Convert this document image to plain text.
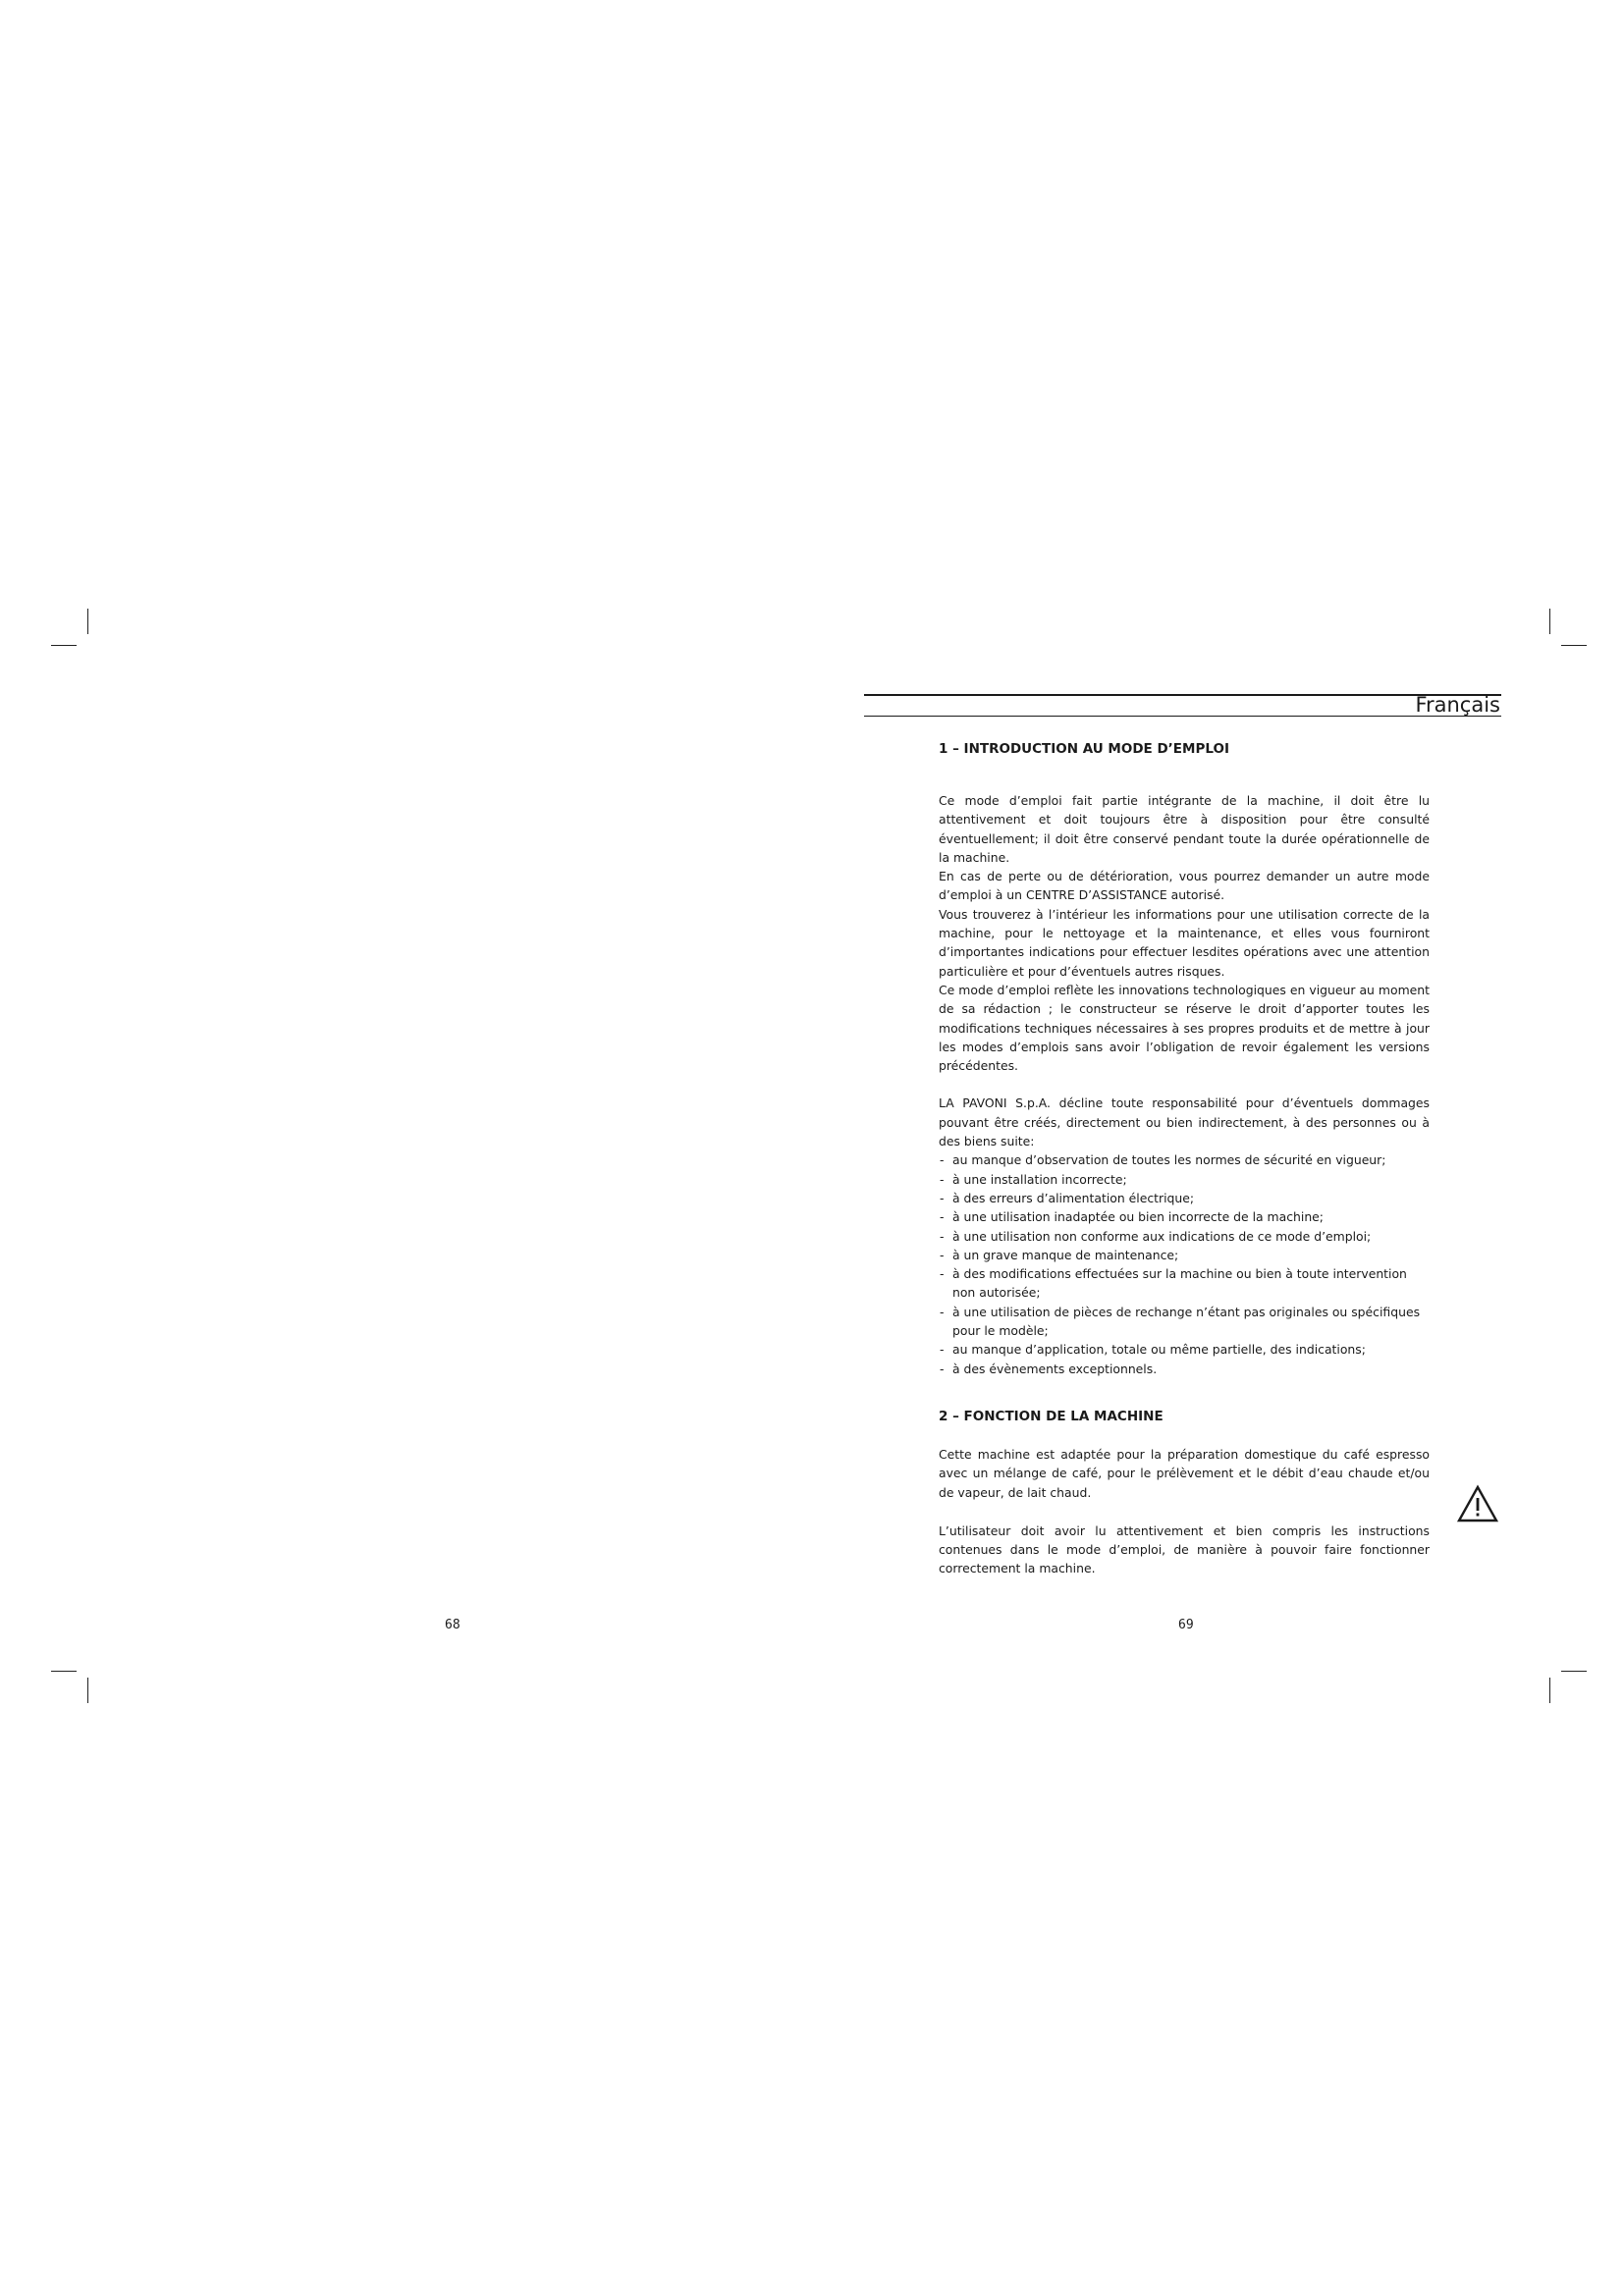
Français
1 – INTRODUCTION AU MODE D’EMPLOI

Ce mode d’emploi fait partie intégrante de la machine, il doit être lu attentivement et doit toujours être à disposition pour être consulté éventuellement; il doit être conservé pendant toute la durée opérationnelle de la machine.

En cas de perte ou de détérioration, vous pourrez demander un autre mode d’emploi à un CENTRE D’ASSISTANCE autorisé.

Vous trouverez à l’intérieur les informations pour une utilisation correcte de la machine, pour le nettoyage et la maintenance, et elles vous fourniront d’importantes indications pour effectuer lesdites opérations avec une attention particulière et pour d’éventuels autres risques.

Ce mode d’emploi reflète les innovations technologiques en vigueur au moment de sa rédaction ; le constructeur se réserve le droit d’apporter toutes les modifications techniques nécessaires à ses propres produits et de mettre à jour les modes d’emplois sans avoir l’obligation de revoir également les versions précédentes.

LA PAVONI S.p.A. décline toute responsabilité pour d’éventuels dommages pouvant être créés, directement ou bien indirectement, à des personnes ou à des biens suite:

- au manque d’observation de toutes les normes de sécurité en vigueur;
- à une installation incorrecte;
- à des erreurs d’alimentation électrique;
- à une utilisation inadaptée ou bien incorrecte de la machine;
- à une utilisation non conforme aux indications de ce mode d’emploi;
- à un grave manque de maintenance;
- à des modifications effectuées sur la machine ou bien à toute intervention non autorisée;
- à une utilisation de pièces de rechange n’étant pas originales ou spécifiques pour le modèle;
- au manque d’application, totale ou même partielle, des indications;
- à des évènements exceptionnels.
2 – FONCTION DE LA MACHINE

Cette machine est adaptée pour la préparation domestique du café espresso avec un mélange de café, pour le prélèvement et le débit d’eau chaude et/ou de vapeur, de lait chaud.

L’utilisateur doit avoir lu attentivement et bien compris les instructions contenues dans le mode d’emploi, de manière à pouvoir faire fonctionner correctement la machine.

68	69
